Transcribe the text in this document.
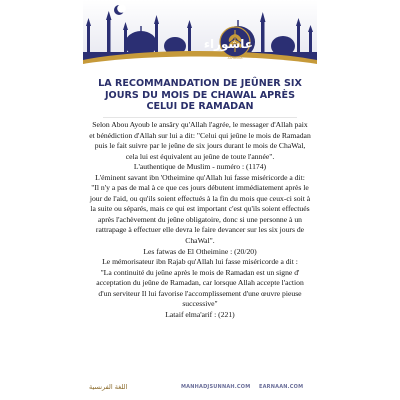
عاشوراء
ASHOURA
LA RECOMMANDATION DE JEÛNER SIX JOURS DU MOIS DE CHAWAL APRÈS CELUI DE RAMADAN

Selon Abou Ayoub le ansâry qu'Allah l'agrée, le messager d'Allah paix et bénédiction d'Allah sur lui a dit: "Celui qui jeûne le mois de Ramadan puis le fait suivre par le jeûne de six jours durant le mois de ChaWal, cela lui est équivalent au jeûne de toute l'année".

L'authentique de Muslim - numéro : (1174)

L'éminent savant ibn 'Otheimine qu'Allah lui fasse miséricorde a dit:

"Il n'y a pas de mal à ce que ces jours débutent immédiatement après le jour de l'aid, ou qu'ils soient effectués à la fin du mois que ceux-ci soit à la suite ou séparés, mais ce qui est important c'est qu'ils soient effectués après l'achèvement du jeûne obligatoire, donc si une personne à un rattrapage à effectuer elle devra le faire devancer sur les six jours de ChaWal".

Les fatwas de El Otheimine : (20/20)

Le mémorisateur ibn Rajab qu'Allah lui fasse miséricorde a dit :

"La continuité du jeûne après le mois de Ramadan est un signe d' acceptation du jeûne de Ramadan, car lorsque Allah accepte l'action d'un serviteur Il lui favorise l'accomplissement d'une œuvre pieuse successive"

Lataif elma'arif : (221)

اللغة الفرنسية	MANHADJSUNNAH.COM EARNAAN.COM
